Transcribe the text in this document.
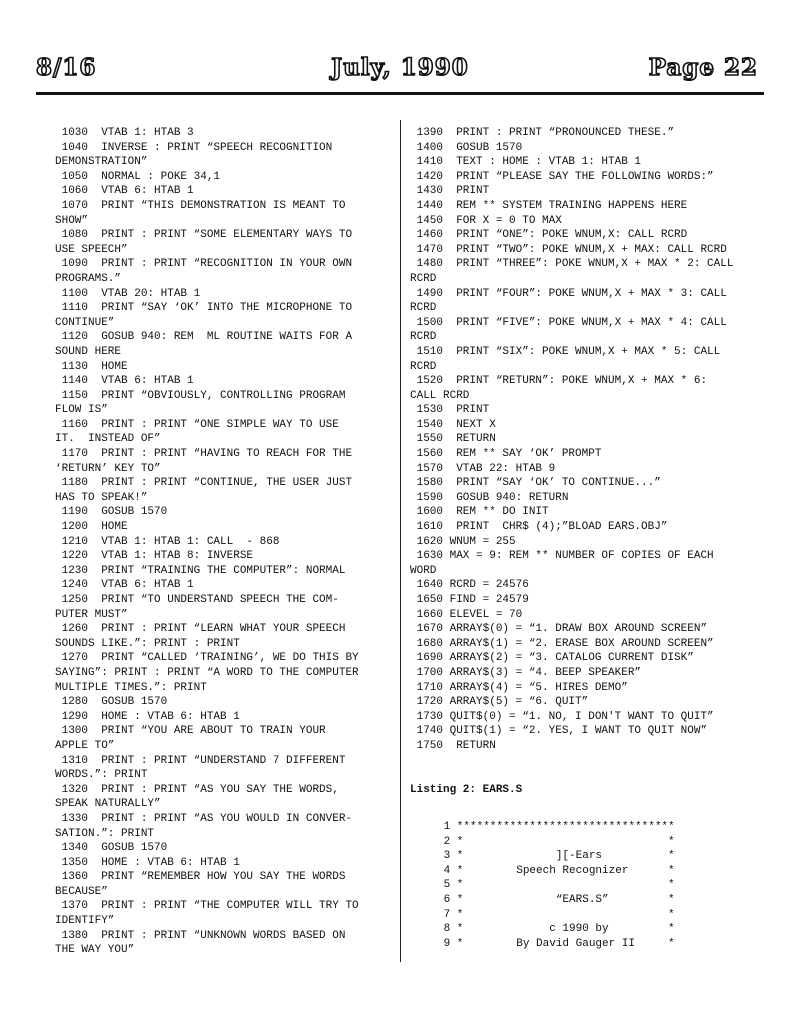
8/16	July, 1990	Page 22
1030  VTAB 1: HTAB 3
1040  INVERSE : PRINT “SPEECH RECOGNITION
DEMONSTRATION”
1050  NORMAL : POKE 34,1
1060  VTAB 6: HTAB 1
1070  PRINT “THIS DEMONSTRATION IS MEANT TO
SHOW”
1080  PRINT : PRINT “SOME ELEMENTARY WAYS TO
USE SPEECH”
1090  PRINT : PRINT “RECOGNITION IN YOUR OWN
PROGRAMS.”
1100  VTAB 20: HTAB 1
1110  PRINT “SAY ‘OK’ INTO THE MICROPHONE TO
CONTINUE”
1120  GOSUB 940: REM  ML ROUTINE WAITS FOR A
SOUND HERE
1130  HOME
1140  VTAB 6: HTAB 1
1150  PRINT “OBVIOUSLY, CONTROLLING PROGRAM
FLOW IS”
1160  PRINT : PRINT “ONE SIMPLE WAY TO USE
IT.  INSTEAD OF”
1170  PRINT : PRINT “HAVING TO REACH FOR THE
‘RETURN’ KEY TO”
1180  PRINT : PRINT “CONTINUE, THE USER JUST
HAS TO SPEAK!”
1190  GOSUB 1570
1200  HOME
1210  VTAB 1: HTAB 1: CALL  - 868
1220  VTAB 1: HTAB 8: INVERSE
1230  PRINT “TRAINING THE COMPUTER”: NORMAL
1240  VTAB 6: HTAB 1
1250  PRINT “TO UNDERSTAND SPEECH THE COM-
PUTER MUST”
1260  PRINT : PRINT “LEARN WHAT YOUR SPEECH
SOUNDS LIKE.”: PRINT : PRINT
1270  PRINT “CALLED ‘TRAINING’, WE DO THIS BY
SAYING”: PRINT : PRINT “A WORD TO THE COMPUTER
MULTIPLE TIMES.”: PRINT
1280  GOSUB 1570
1290  HOME : VTAB 6: HTAB 1
1300  PRINT “YOU ARE ABOUT TO TRAIN YOUR
APPLE TO”
1310  PRINT : PRINT “UNDERSTAND 7 DIFFERENT
WORDS.”: PRINT
1320  PRINT : PRINT “AS YOU SAY THE WORDS,
SPEAK NATURALLY”
1330  PRINT : PRINT “AS YOU WOULD IN CONVER-
SATION.”: PRINT
1340  GOSUB 1570
1350  HOME : VTAB 6: HTAB 1
1360  PRINT “REMEMBER HOW YOU SAY THE WORDS
BECAUSE”
1370  PRINT : PRINT “THE COMPUTER WILL TRY TO
IDENTIFY”
1380  PRINT : PRINT “UNKNOWN WORDS BASED ON
THE WAY YOU”
1390  PRINT : PRINT “PRONOUNCED THESE.”
1400  GOSUB 1570
1410  TEXT : HOME : VTAB 1: HTAB 1
1420  PRINT “PLEASE SAY THE FOLLOWING WORDS:”
1430  PRINT
1440  REM ** SYSTEM TRAINING HAPPENS HERE
1450  FOR X = 0 TO MAX
1460  PRINT “ONE”: POKE WNUM,X: CALL RCRD
1470  PRINT “TWO”: POKE WNUM,X + MAX: CALL RCRD
1480  PRINT “THREE”: POKE WNUM,X + MAX * 2: CALL
RCRD
1490  PRINT “FOUR”: POKE WNUM,X + MAX * 3: CALL
RCRD
1500  PRINT “FIVE”: POKE WNUM,X + MAX * 4: CALL
RCRD
1510  PRINT “SIX”: POKE WNUM,X + MAX * 5: CALL
RCRD
1520  PRINT “RETURN”: POKE WNUM,X + MAX * 6:
CALL RCRD
1530  PRINT
1540  NEXT X
1550  RETURN
1560  REM ** SAY ‘OK’ PROMPT
1570  VTAB 22: HTAB 9
1580  PRINT “SAY ‘OK’ TO CONTINUE...”
1590  GOSUB 940: RETURN
1600  REM ** DO INIT
1610  PRINT  CHR$ (4);”BLOAD EARS.OBJ”
1620 WNUM = 255
1630 MAX = 9: REM ** NUMBER OF COPIES OF EACH
WORD
1640 RCRD = 24576
1650 FIND = 24579
1660 ELEVEL = 70
1670 ARRAY$(0) = “1. DRAW BOX AROUND SCREEN”
1680 ARRAY$(1) = “2. ERASE BOX AROUND SCREEN”
1690 ARRAY$(2) = “3. CATALOG CURRENT DISK”
1700 ARRAY$(3) = “4. BEEP SPEAKER”
1710 ARRAY$(4) = “5. HIRES DEMO”
1720 ARRAY$(5) = “6. QUIT”
1730 QUIT$(0) = “1. NO, I DON'T WANT TO QUIT”
1740 QUIT$(1) = “2. YES, I WANT TO QUIT NOW”
1750  RETURN
Listing 2: EARS.S
1 *********************************
2 *                               *
3 *              ][-Ears          *
4 *        Speech Recognizer      *
5 *                               *
6 *              “EARS.S”         *
7 *                               *
8 *             c 1990 by         *
9 *        By David Gauger II     *
